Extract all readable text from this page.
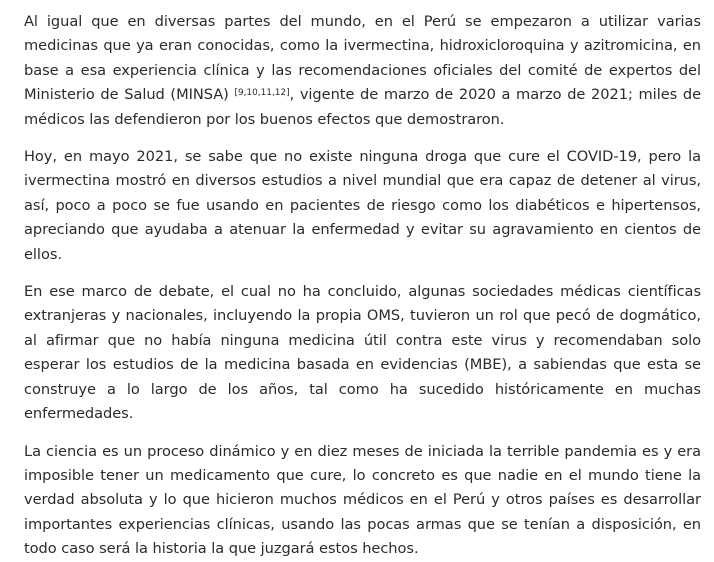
Al igual que en diversas partes del mundo, en el Perú se empezaron a utilizar varias medicinas que ya eran conocidas, como la ivermectina, hidroxicloroquina y azitromicina, en base a esa experiencia clínica y las recomendaciones oficiales del comité de expertos del Ministerio de Salud (MINSA) [9,10,11,12], vigente de marzo de 2020 a marzo de 2021; miles de médicos las defendieron por los buenos efectos que demostraron.

Hoy, en mayo 2021, se sabe que no existe ninguna droga que cure el COVID-19, pero la ivermectina mostró en diversos estudios a nivel mundial que era capaz de detener al virus, así, poco a poco se fue usando en pacientes de riesgo como los diabéticos e hipertensos, apreciando que ayudaba a atenuar la enfermedad y evitar su agravamiento en cientos de ellos.

En ese marco de debate, el cual no ha concluido, algunas sociedades médicas científicas extranjeras y nacionales, incluyendo la propia OMS, tuvieron un rol que pecó de dogmático, al afirmar que no había ninguna medicina útil contra este virus y recomendaban solo esperar los estudios de la medicina basada en evidencias (MBE), a sabiendas que esta se construye a lo largo de los años, tal como ha sucedido históricamente en muchas enfermedades.

La ciencia es un proceso dinámico y en diez meses de iniciada la terrible pandemia es y era imposible tener un medicamento que cure, lo concreto es que nadie en el mundo tiene la verdad absoluta y lo que hicieron muchos médicos en el Perú y otros países es desarrollar importantes experiencias clínicas, usando las pocas armas que se tenían a disposición, en todo caso será la historia la que juzgará estos hechos.
